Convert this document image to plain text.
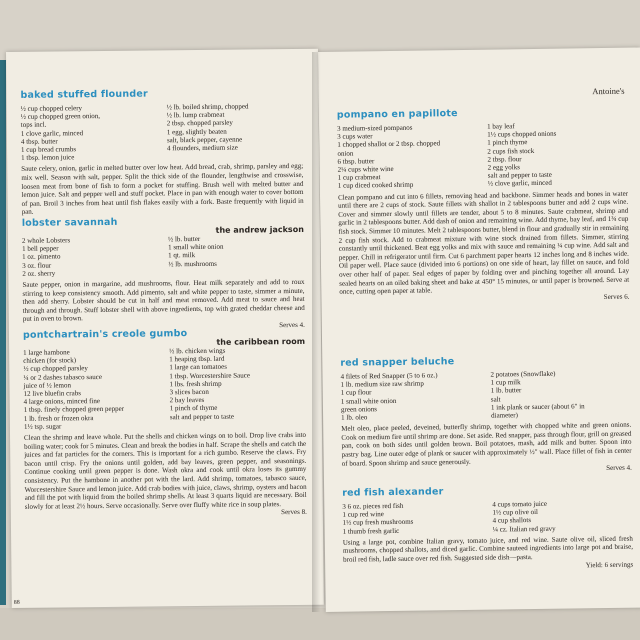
baked stuffed flounder
½ cup chopped celery
½ cup chopped green onion,
tops incl.
1 clove garlic, minced
4 tbsp. butter
1 cup bread crumbs
1 tbsp. lemon juice
½ lb. boiled shrimp, chopped
½ lb. lump crabmeat
2 tbsp. chopped parsley
1 egg, slightly beaten
salt, black pepper, cayenne
4 flounders, medium size
Saute celery, onion, garlic in melted butter over low heat. Add bread, crab, shrimp, parsley and egg; mix well. Season with salt, pepper. Split the thick side of the flounder, lengthwise and crosswise, loosen meat from bone of fish to form a pocket for stuffing. Brush well with melted butter and lemon juice. Salt and pepper well and stuff pocket. Place in pan with enough water to cover bottom of pan. Broil 3 inches from heat until fish flakes easily with a fork. Baste frequently with liquid in pan.
lobster savannah
the andrew jackson
2 whole Lobsters
1 bell pepper
1 oz. pimento
3 oz. flour
2 oz. sherry
½ lb. butter
1 small white onion
1 qt. milk
½ lb. mushrooms
Saute pepper, onion in margarine, add mushrooms, flour. Heat milk separately and add to roux stirring to keep consistency smooth. Add pimento, salt and white pepper to taste, simmer a minute, then add sherry. Lobster should be cut in half and meat removed. Add meat to sauce and heat through and through. Stuff lobster shell with above ingredients, top with grated cheddar cheese and put in oven to brown.
Serves 4.
pontchartrain's creole gumbo
the caribbean room
1 large hambone
chicken (for stock)
½ cup chopped parsley
¼ or 2 dashes tabasco sauce
juice of ½ lemon
12 live bluefin crabs
4 large onions, minced fine
1 tbsp. finely chopped green pepper
1 lb. fresh or frozen okra
1½ tsp. sugar
½ lb. chicken wings
1 heaping tbsp. lard
1 large can tomatoes
1 tbsp. Worcestershire Sauce
1 lbs. fresh shrimp
3 slices bacon
2 bay leaves
1 pinch of thyme
salt and pepper to taste
Clean the shrimp and leave whole. Put the shells and chicken wings on to boil. Drop live crabs into boiling water; cook for 5 minutes. Clean and break the bodies in half. Scrape the shells and catch the juices and fat particles for the corners. This is important for a rich gumbo. Reserve the claws. Fry bacon until crisp. Fry the onions until golden, add bay leaves, green pepper, and seasonings. Continue cooking until green pepper is done. Wash okra and cook until okra loses its gummy consistency. Put the hambone in another pot with the lard. Add shrimp, tomatoes, tabasco sauce, Worcestershire Sauce and lemon juice. Add crab bodies with juice, claws, shrimp, oysters and bacon and fill the pot with liquid from the boiled shrimp shells. At least 3 quarts liquid are necessary. Boil slowly for at least 2½ hours. Serve occasionally. Serve over fluffy white rice in soup plates.
Serves 8.
88
Antoine's
pompano en papillote
3 medium-sized pompanos
3 cups water
1 chopped shallot or 2 tbsp. chopped
onion
6 tbsp. butter
2¼ cups white wine
1 cup crabmeat
1 cup diced cooked shrimp
1 bay leaf
1½ cups chopped onions
1 pinch thyme
2 cups fish stock
2 tbsp. flour
2 egg yolks
salt and pepper to taste
½ clove garlic, minced
Clean pompano and cut into 6 fillets, removing head and backbone. Simmer heads and bones in water until there are 2 cups of stock. Saute fillets with shallot in 2 tablespoons butter and add 2 cups wine. Cover and simmer slowly until fillets are tender, about 5 to 8 minutes. Saute crabmeat, shrimp and garlic in 2 tablespoons butter. Add dash of onion and remaining wine. Add thyme, bay leaf, and 1¾ cup fish stock. Simmer 10 minutes. Melt 2 tablespoons butter, blend in flour and gradually stir in remaining 2 cup fish stock. Add to crabmeat mixture with wine stock drained from fillets. Simmer, stirring constantly until thickened. Beat egg yolks and mix with sauce and remaining ¼ cup wine. Add salt and pepper. Chill in refrigerator until firm. Cut 6 parchment paper hearts 12 inches long and 8 inches wide. Oil paper well. Place sauce (divided into 6 portions) on one side of heart, lay fillet on sauce, and fold over other half of paper. Seal edges of paper by folding over and pinching together all around. Lay sealed hearts on an oiled baking sheet and bake at 450° 15 minutes, or until paper is browned. Serve at once, cutting open paper at table.
Serves 6.
red snapper beluche
4 filets of Red Snapper (5 to 6 oz.)
1 lb. medium size raw shrimp
1 cup flour
1 small white onion
green onions
1 lb. oleo
2 potatoes (Snowflake)
1 cup milk
1 lb. butter
salt
1 ink plank or saucer (about 6" in
diameter)
Melt oleo, place peeled, deveined, butterfly shrimp, together with chopped white and green onions. Cook on medium fire until shrimp are done. Set aside. Red snapper, pass through flour, grill on greased pan, cook on both sides until golden brown. Boil potatoes, mash, add milk and butter. Spoon into pastry bag. Line outer edge of plank or saucer with approximately ½" wall. Place fillet of fish in center of board. Spoon shrimp and sauce generously.
Serves 4.
red fish alexander
3 6 oz. pieces red fish
1 cup red wine
1½ cup fresh mushrooms
1 thumb fresh garlic
4 cups tomato juice
1½ cup olive oil
4 cup shallots
¼ cz. Italian red gravy
Using a large pot, combine Italian gravy, tomato juice, and red wine. Saute olive oil, sliced fresh mushrooms, chopped shallots, and diced garlic. Combine sauteed ingredients into large pot and braise, broil red fish, ladle sauce over red fish. Suggested side dish—pasta.
Yield: 6 servings
